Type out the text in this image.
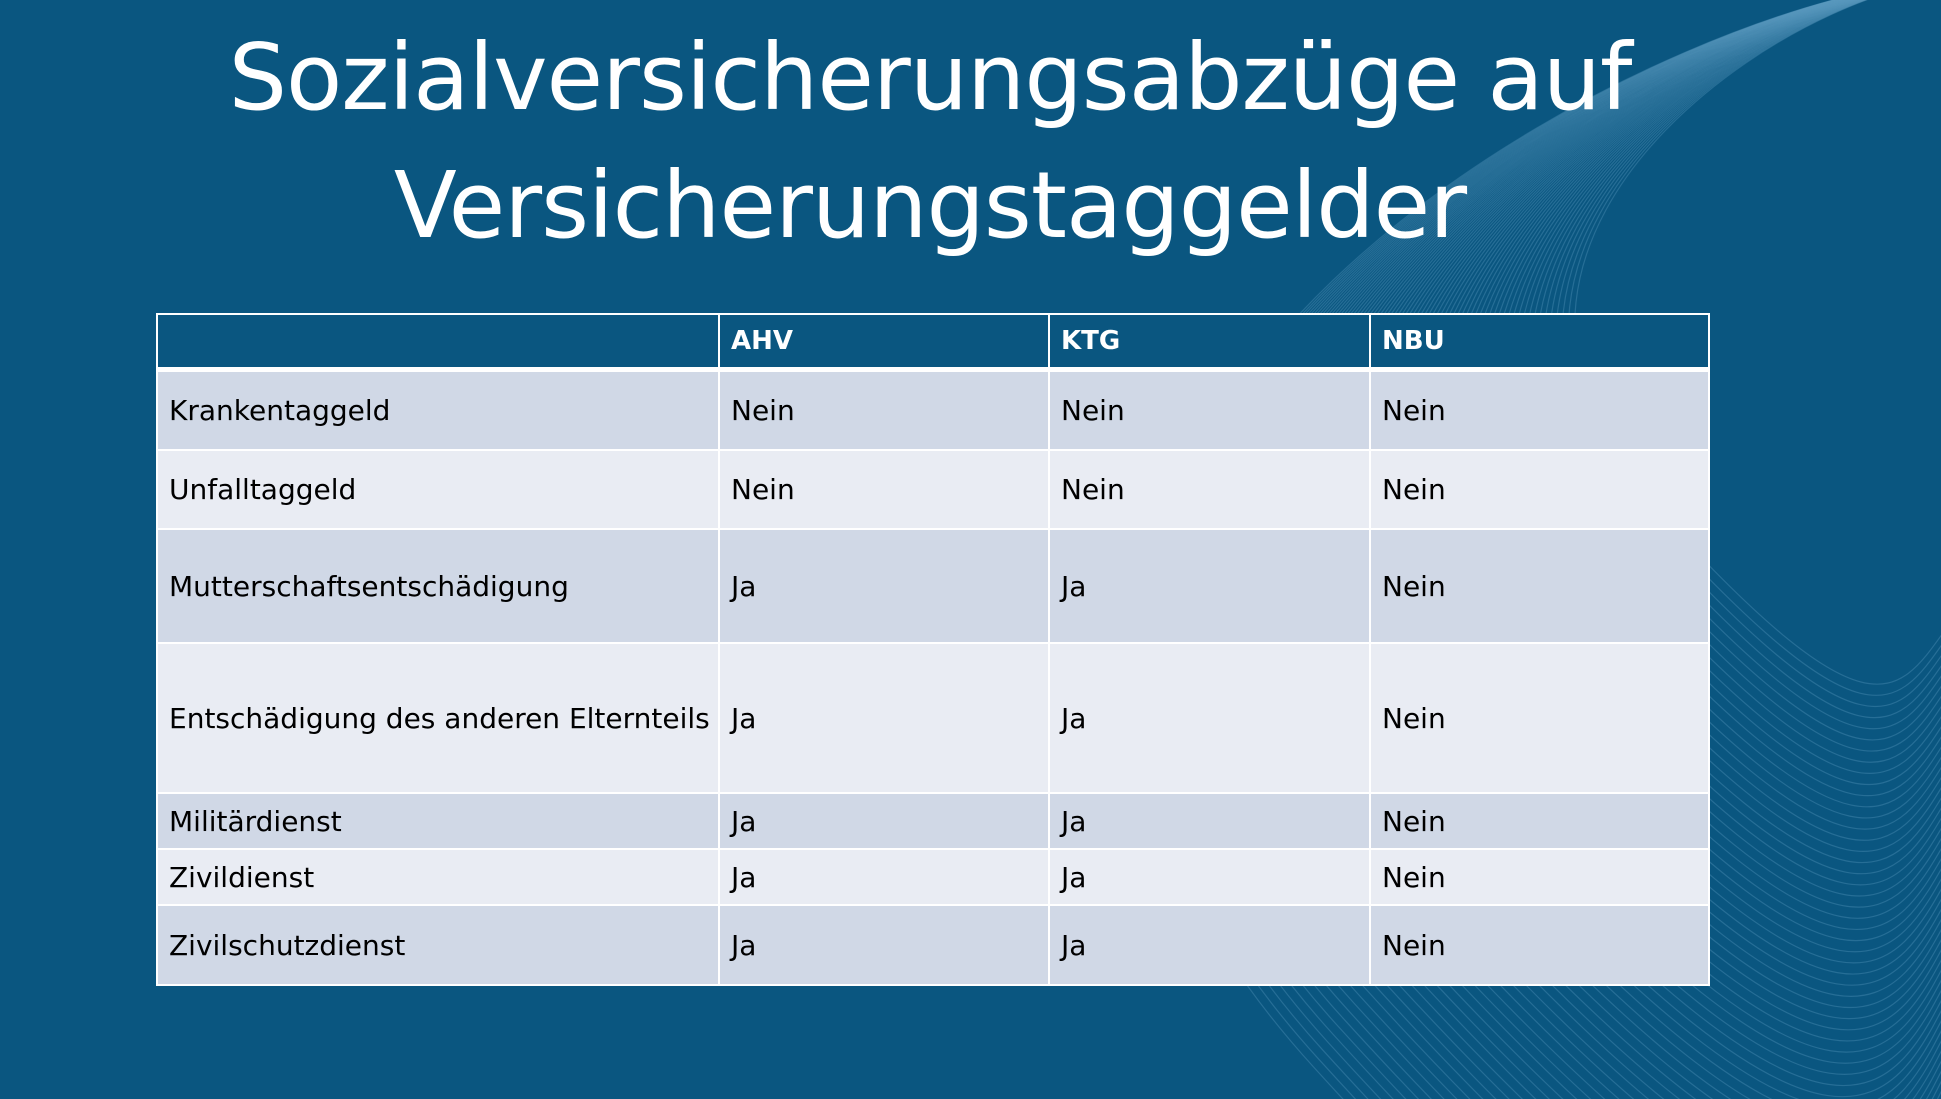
Sozialversicherungsabzüge auf
Versicherungstaggelder
	AHV	KTG	NBU
Krankentaggeld	Nein	Nein	Nein
Unfalltaggeld	Nein	Nein	Nein
Mutterschaftsentschädigung	Ja	Ja	Nein
Entschädigung des anderen Elternteils	Ja	Ja	Nein
Militärdienst	Ja	Ja	Nein
Zivildienst	Ja	Ja	Nein
Zivilschutzdienst	Ja	Ja	Nein
